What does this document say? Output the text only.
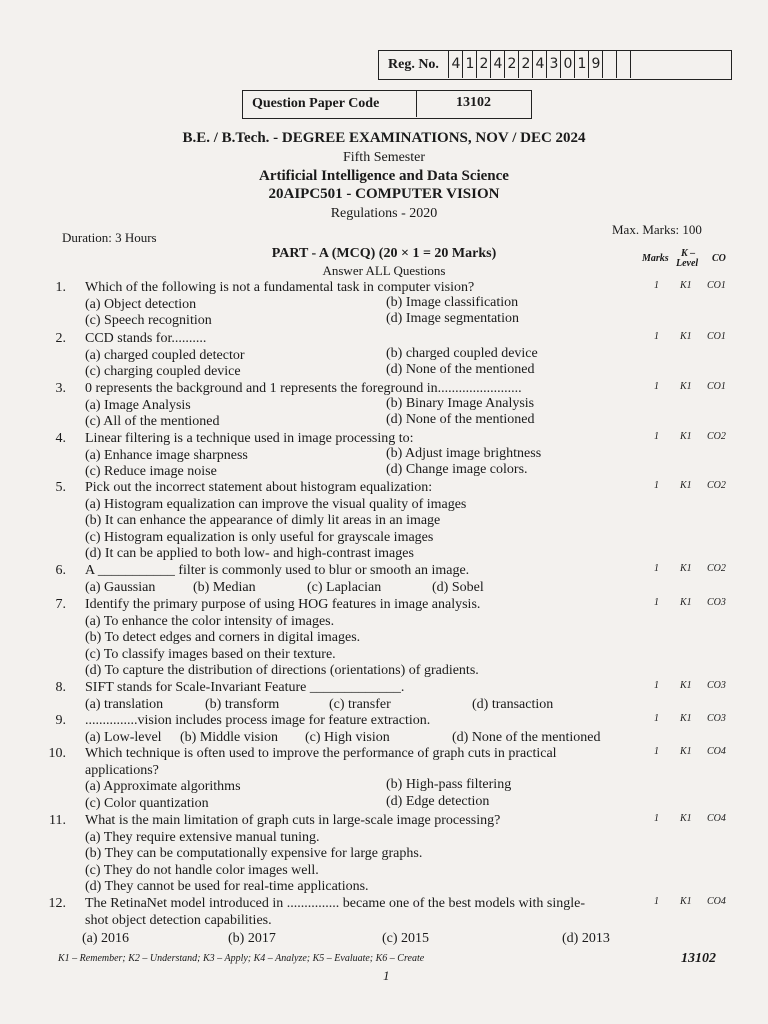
Reg. No. 4 1 2 4 2 2 4 3 0 1 9
Question Paper Code	13102
B.E. / B.Tech. - DEGREE EXAMINATIONS, NOV / DEC 2024
Fifth Semester
Artificial Intelligence and Data Science
20AIPC501 - COMPUTER VISION
Regulations - 2020
Duration: 3 Hours
Max. Marks: 100
PART - A (MCQ) (20 × 1 = 20 Marks)
Answer ALL Questions
Marks K –
Level CO
1. Which of the following is not a fundamental task in computer vision?
(a) Object detection	(b) Image classification
(c) Speech recognition	(d) Image segmentation
1 K1 CO1
2. CCD stands for..........
(a) charged coupled detector	(b) charged coupled device
(c) charging coupled device	(d) None of the mentioned
1 K1 CO1
3. 0 represents the background and 1 represents the foreground in........................
(a) Image Analysis	(b) Binary Image Analysis
(c) All of the mentioned	(d) None of the mentioned
1 K1 CO1
4. Linear filtering is a technique used in image processing to:
(a) Enhance image sharpness	(b) Adjust image brightness
(c) Reduce image noise	(d) Change image colors.
1 K1 CO2
5. Pick out the incorrect statement about histogram equalization:
(a) Histogram equalization can improve the visual quality of images
(b) It can enhance the appearance of dimly lit areas in an image
(c) Histogram equalization is only useful for grayscale images
(d) It can be applied to both low- and high-contrast images
1 K1 CO2
6. A ___________ filter is commonly used to blur or smooth an image.
(a) Gaussian	(b) Median	(c) Laplacian	(d) Sobel
1 K1 CO2
7. Identify the primary purpose of using HOG features in image analysis.
(a) To enhance the color intensity of images.
(b) To detect edges and corners in digital images.
(c) To classify images based on their texture.
(d) To capture the distribution of directions (orientations) of gradients.
1 K1 CO3
8. SIFT stands for Scale-Invariant Feature _____________.
(a) translation	(b) transform	(c) transfer	(d) transaction
1 K1 CO3
9. ...............vision includes process image for feature extraction.
(a) Low-level (b) Middle vision (c) High vision	(d) None of the mentioned
1 K1 CO3
10. Which technique is often used to improve the performance of graph cuts in practical
applications?
(a) Approximate algorithms	(b) High-pass filtering
(c) Color quantization	(d) Edge detection
1 K1 CO4
11. What is the main limitation of graph cuts in large-scale image processing?
(a) They require extensive manual tuning.
(b) They can be computationally expensive for large graphs.
(c) They do not handle color images well.
(d) They cannot be used for real-time applications.
1 K1 CO4
12. The RetinaNet model introduced in ............... became one of the best models with single-
shot object detection capabilities.
(a) 2016	(b) 2017	(c) 2015	(d) 2013
1 K1 CO4
K1 – Remember; K2 – Understand; K3 – Apply; K4 – Analyze; K5 – Evaluate; K6 – Create	13102
1
